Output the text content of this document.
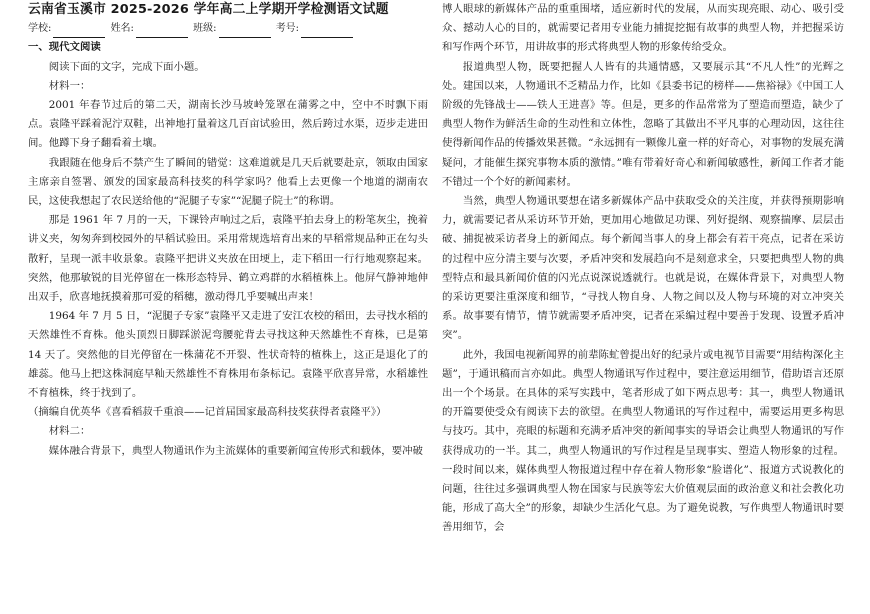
云南省玉溪市 2025-2026 学年高二上学期开学检测语文试题

学校:	姓名:	班级:	考号:

一、现代文阅读

阅读下面的文字，完成下面小题。

材料一：

2001 年春节过后的第二天，湖南长沙马坡岭笼罩在蒲雾之中，空中不时飘下雨点。袁隆平踩着泥泞双鞋，出神地打量着这几百亩试验田，然后跨过水渠，迈步走进田间。他蹲下身子翻看着土壤。

我跟随在他身后不禁产生了瞬间的错觉：这难道就是几天后就要赴京，领取由国家主席亲自签署、颁发的国家最高科技奖的科学家吗？他看上去更像一个地道的湖南农民，这使我想起了农民送给他的“泥腿子专家”“泥腿子院士”的称谓。

那是 1961 年 7 月的一天，下课铃声响过之后，袁隆平拍去身上的粉笔灰尘，挽着讲义夹，匆匆奔到校园外的早稻试验田。采用常规选培育出来的早稻常规品种正在勾头散籽，呈现一派丰收景象。袁隆平把讲义夹放在田埂上，走下稻田一行行地观察起来。突然，他那敏锐的目光停留在一株形态特异、鹤立鸡群的水稻植株上。他屏气静神地伸出双手，欣喜地抚摸着那可爱的稻穗，激动得几乎要喊出声来！

1964 年 7 月 5 日，“泥腿子专家”袁隆平又走进了安江农校的稻田，去寻找水稻的天然雄性不育株。他头顶烈日脚踩淤泥弯腰驼背去寻找这种天然雄性不育株，已是第 14 天了。突然他的目光停留在一株蒲花不开裂、性状奇特的植株上，这正是退化了的雄蕊。他马上把这株洞庭早籼天然雄性不育株用布条标记。袁隆平欣喜异常，水稻雄性不育植株，终于找到了。

（摘编自优英华《喜看稻菽千重浪——记首届国家最高科技奖获得者袁隆平》）

材料二：

媒体融合背景下，典型人物通讯作为主流媒体的重要新闻宣传形式和载体，要冲破

博人眼球的新媒体产品的重重围堵，适应新时代的发展，从而实现亮眼、动心、吸引受众、撼动人心的目的，就需要记者用专业能力捕捉挖掘有故事的典型人物，并把握采访和写作两个环节，用讲故事的形式将典型人物的形象传给受众。

报道典型人物，既要把握人人皆有的共通情感，又要展示其“不凡人性”的光辉之处。建国以来，人物通讯不乏精品力作，比如《县委书记的榜样——焦裕禄》《中国工人阶级的先锋战士——铁人王进喜》等。但是，更多的作品常常为了塑造而塑造，缺少了典型人物作为鲜活生命的生动性和立体性，忽略了其做出不平凡事的心理动因，这往往使得新闻作品的传播效果甚微。“永远拥有一颗像儿童一样的好奇心，对事物的发展充满疑问，才能催生探究事物本质的激情。”唯有带着好奇心和新闻敏感性，新闻工作者才能不错过一个个好的新闻素材。

当然，典型人物通讯要想在诸多新媒体产品中获取受众的关注度，并获得预期影响力，就需要记者从采访环节开始，更加用心地做足功课、列好提纲、观察揣摩、层层击破、捕捉被采访者身上的新闻点。每个新闻当事人的身上都会有若干亮点，记者在采访的过程中应分清主要与次要，矛盾冲突和发展趋向不是刻意求全，只要把典型人物的典型特点和最具新闻价值的闪光点说深说透就行。也就是说，在媒体背景下，对典型人物的采访更要注重深度和细节，“寻找人物自身、人物之间以及人物与环境的对立冲突关系。故事要有情节，情节就需要矛盾冲突，记者在采编过程中要善于发现、设置矛盾冲突”。

此外，我国电视新闻界的前辈陈虻曾提出好的纪录片或电视节目需要“用结构深化主题”，于通讯稿而言亦如此。典型人物通讯写作过程中，要注意运用细节，借助语言还原出一个个场景。在具体的采写实践中，笔者形成了如下两点思考：其一，典型人物通讯的开篇要使受众有阅读下去的欲望。在典型人物通讯的写作过程中，需要运用更多构思与技巧。其中，亮眼的标题和充满矛盾冲突的新闻事实的导语会让典型人物通讯的写作获得成功的一半。其二，典型人物通讯的写作过程是呈现事实、塑造人物形象的过程。一段时间以来，媒体典型人物报道过程中存在着人物形象“脸谱化”、报道方式说教化的问题，往往过多强调典型人物在国家与民族等宏大价值观层面的政治意义和社会教化功能，形成了高大全”的形象，却缺少生活化气息。为了避免说教，写作典型人物通讯时要善用细节，会
